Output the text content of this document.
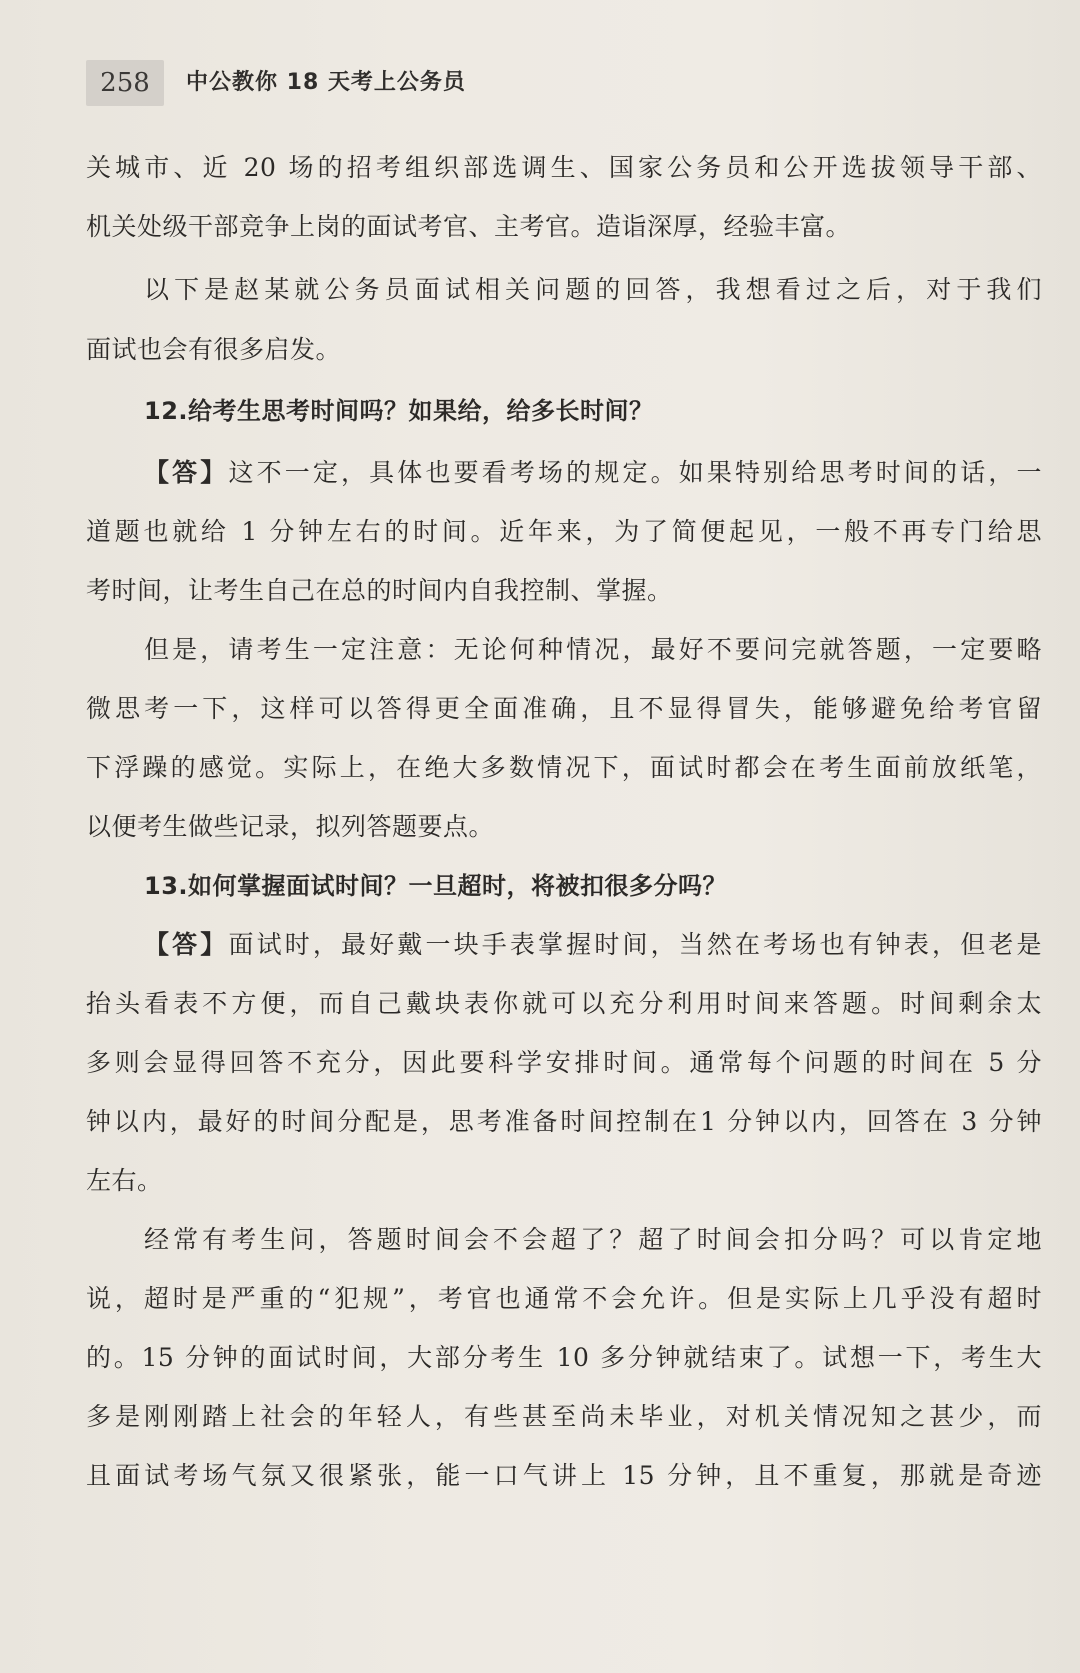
258	中公教你 18 天考上公务员
关城市、近 20 场的招考组织部选调生、国家公务员和公开选拔领导干部、
机关处级干部竞争上岗的面试考官、主考官。造诣深厚，经验丰富。
以下是赵某就公务员面试相关问题的回答，我想看过之后，对于我们
面试也会有很多启发。
12.给考生思考时间吗？如果给，给多长时间？
【答】这不一定，具体也要看考场的规定。如果特别给思考时间的话，一
道题也就给 1 分钟左右的时间。近年来，为了简便起见，一般不再专门给思
考时间，让考生自己在总的时间内自我控制、掌握。
但是，请考生一定注意：无论何种情况，最好不要问完就答题，一定要略
微思考一下，这样可以答得更全面准确，且不显得冒失，能够避免给考官留
下浮躁的感觉。实际上，在绝大多数情况下，面试时都会在考生面前放纸笔，
以便考生做些记录，拟列答题要点。
13.如何掌握面试时间？一旦超时，将被扣很多分吗？
【答】面试时，最好戴一块手表掌握时间，当然在考场也有钟表，但老是
抬头看表不方便，而自己戴块表你就可以充分利用时间来答题。时间剩余太
多则会显得回答不充分，因此要科学安排时间。通常每个问题的时间在 5 分
钟以内，最好的时间分配是，思考准备时间控制在1 分钟以内，回答在 3 分钟
左右。
经常有考生问，答题时间会不会超了？超了时间会扣分吗？可以肯定地
说，超时是严重的“犯规”，考官也通常不会允许。但是实际上几乎没有超时
的。15 分钟的面试时间，大部分考生 10 多分钟就结束了。试想一下，考生大
多是刚刚踏上社会的年轻人，有些甚至尚未毕业，对机关情况知之甚少，而
且面试考场气氛又很紧张，能一口气讲上 15 分钟，且不重复，那就是奇迹
